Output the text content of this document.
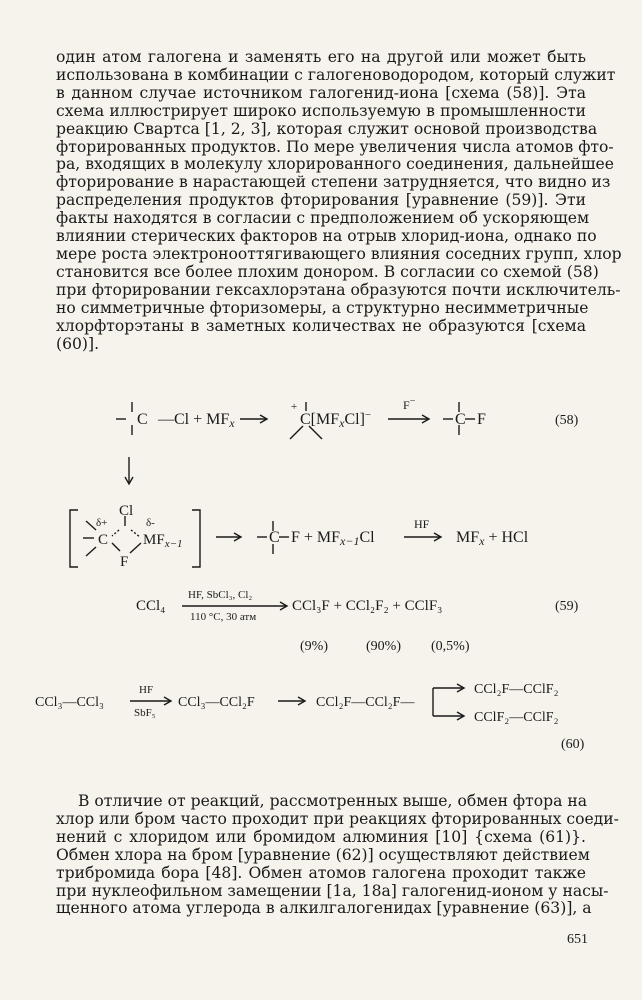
один атом галогена и заменять его на другой или может быть
использована в комбинации с галогеноводородом, который служит
в данном случае источником галогенид-иона [схема (58)]. Эта
схема иллюстрирует широко используемую в промышленности
реакцию Свартса [1, 2, 3], которая служит основой производства
фторированных продуктов. По мере увеличения числа атомов фто-
ра, входящих в молекулу хлорированного соединения, дальнейшее
фторирование в нарастающей степени затрудняется, что видно из
распределения продуктов фторирования [уравнение (59)]. Эти
факты находятся в согласии с предположением об ускоряющем
влиянии стерических факторов на отрыв хлорид-иона, однако по
мере роста электронооттягивающего влияния соседних групп, хлор
становится все более плохим донором. В согласии со схемой (58)
при фторировании гексахлорэтана образуются почти исключитель-
но симметричные фторизомеры, а структурно несимметричные
хлорфторэтаны в заметных количествах не образуются [схема
(60)].
C —Cl + MFx
+
C[MFxCl]−
F−
C F	(58)
Cl
δ+	δ-
C $MF_{x-1}$
F
C F + MFx−1Cl
HF
MFx + HCl
CCl₄
HF, SbCl₃, Cl₂
110 °C, 30 атм
CCl₃F + CCl₂F₂ + CClF₃	(59)
(9%)	(90%) (0,5%)
CCl₃—CCl₃
HF
SbF₅
CCl₃—CCl₂F	CCl₂F—CCl₂F—
CCl₂F—CClF₂
CClF₂—CClF₂
(60)
В отличие от реакций, рассмотренных выше, обмен фтора на
хлор или бром часто проходит при реакциях фторированных соеди-
нений с хлоридом или бромидом алюминия [10] {схема (61)}.
Обмен хлора на бром [уравнение (62)] осуществляют действием
трибромида бора [48]. Обмен атомов галогена проходит также
при нуклеофильном замещении [1а, 18а] галогенид-ионом у насы-
щенного атома углерода в алкилгалогенидах [уравнение (63)], а
651
